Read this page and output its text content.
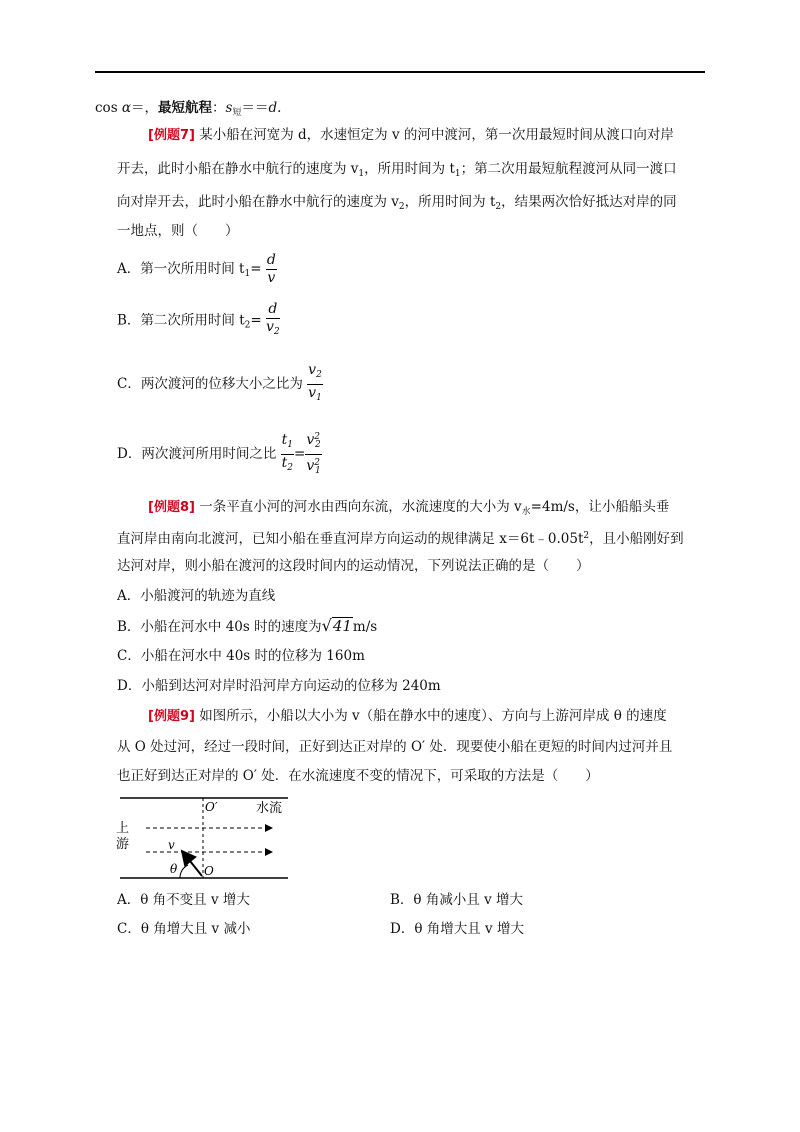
cos α＝，最短航程：$s_短==d$.
[例题7] 某小船在河宽为 d，水速恒定为 v 的河中渡河，第一次用最短时间从渡口向对岸
开去，此时小船在静水中航行的速度为 $v_1$，所用时间为 $t_1$；第二次用最短航程渡河从同一渡口
向对岸开去，此时小船在静水中航行的速度为 $v_2$，所用时间为 $t_2$，结果两次恰好抵达对岸的同
一地点，则（　　）
A．第一次所用时间 $t_1= \frac{d}{v}$
B．第二次所用时间 $t_2= \frac{d}{v_2}$
C．两次渡河的位移大小之比为 $\frac{v_2}{v_1}$
D．两次渡河所用时间之比 $\frac{t_1}{t_2} = \frac{v^2_2}{v^2_1}$
[例题8] 一条平直小河的河水由西向东流，水流速度的大小为 $v_水=4m/s$，让小船船头垂
直河岸由南向北渡河，已知小船在垂直河岸方向运动的规律满足 $x=6t﹣0.05t^2$，且小船刚好到
达河对岸，则小船在渡河的这段时间内的运动情况，下列说法正确的是（　　）
A．小船渡河的轨迹为直线
B．小船在河水中 40s 时的速度为√41m/s
C．小船在河水中 40s 时的位移为 160m
D．小船到达河对岸时沿河岸方向运动的位移为 240m
[例题9] 如图所示，小船以大小为 v（船在静水中的速度）、方向与上游河岸成 θ 的速度
从 O 处过河，经过一段时间，正好到达正对岸的 O′ 处．现要使小船在更短的时间内过河并且
也正好到达正对岸的 O′ 处．在水流速度不变的情况下，可采取的方法是（　　）
O′	水流
上
游	v
θ O
A．θ 角不变且 v 增大	B．θ 角减小且 v 增大
C．θ 角增大且 v 减小	D．θ 角增大且 v 增大
